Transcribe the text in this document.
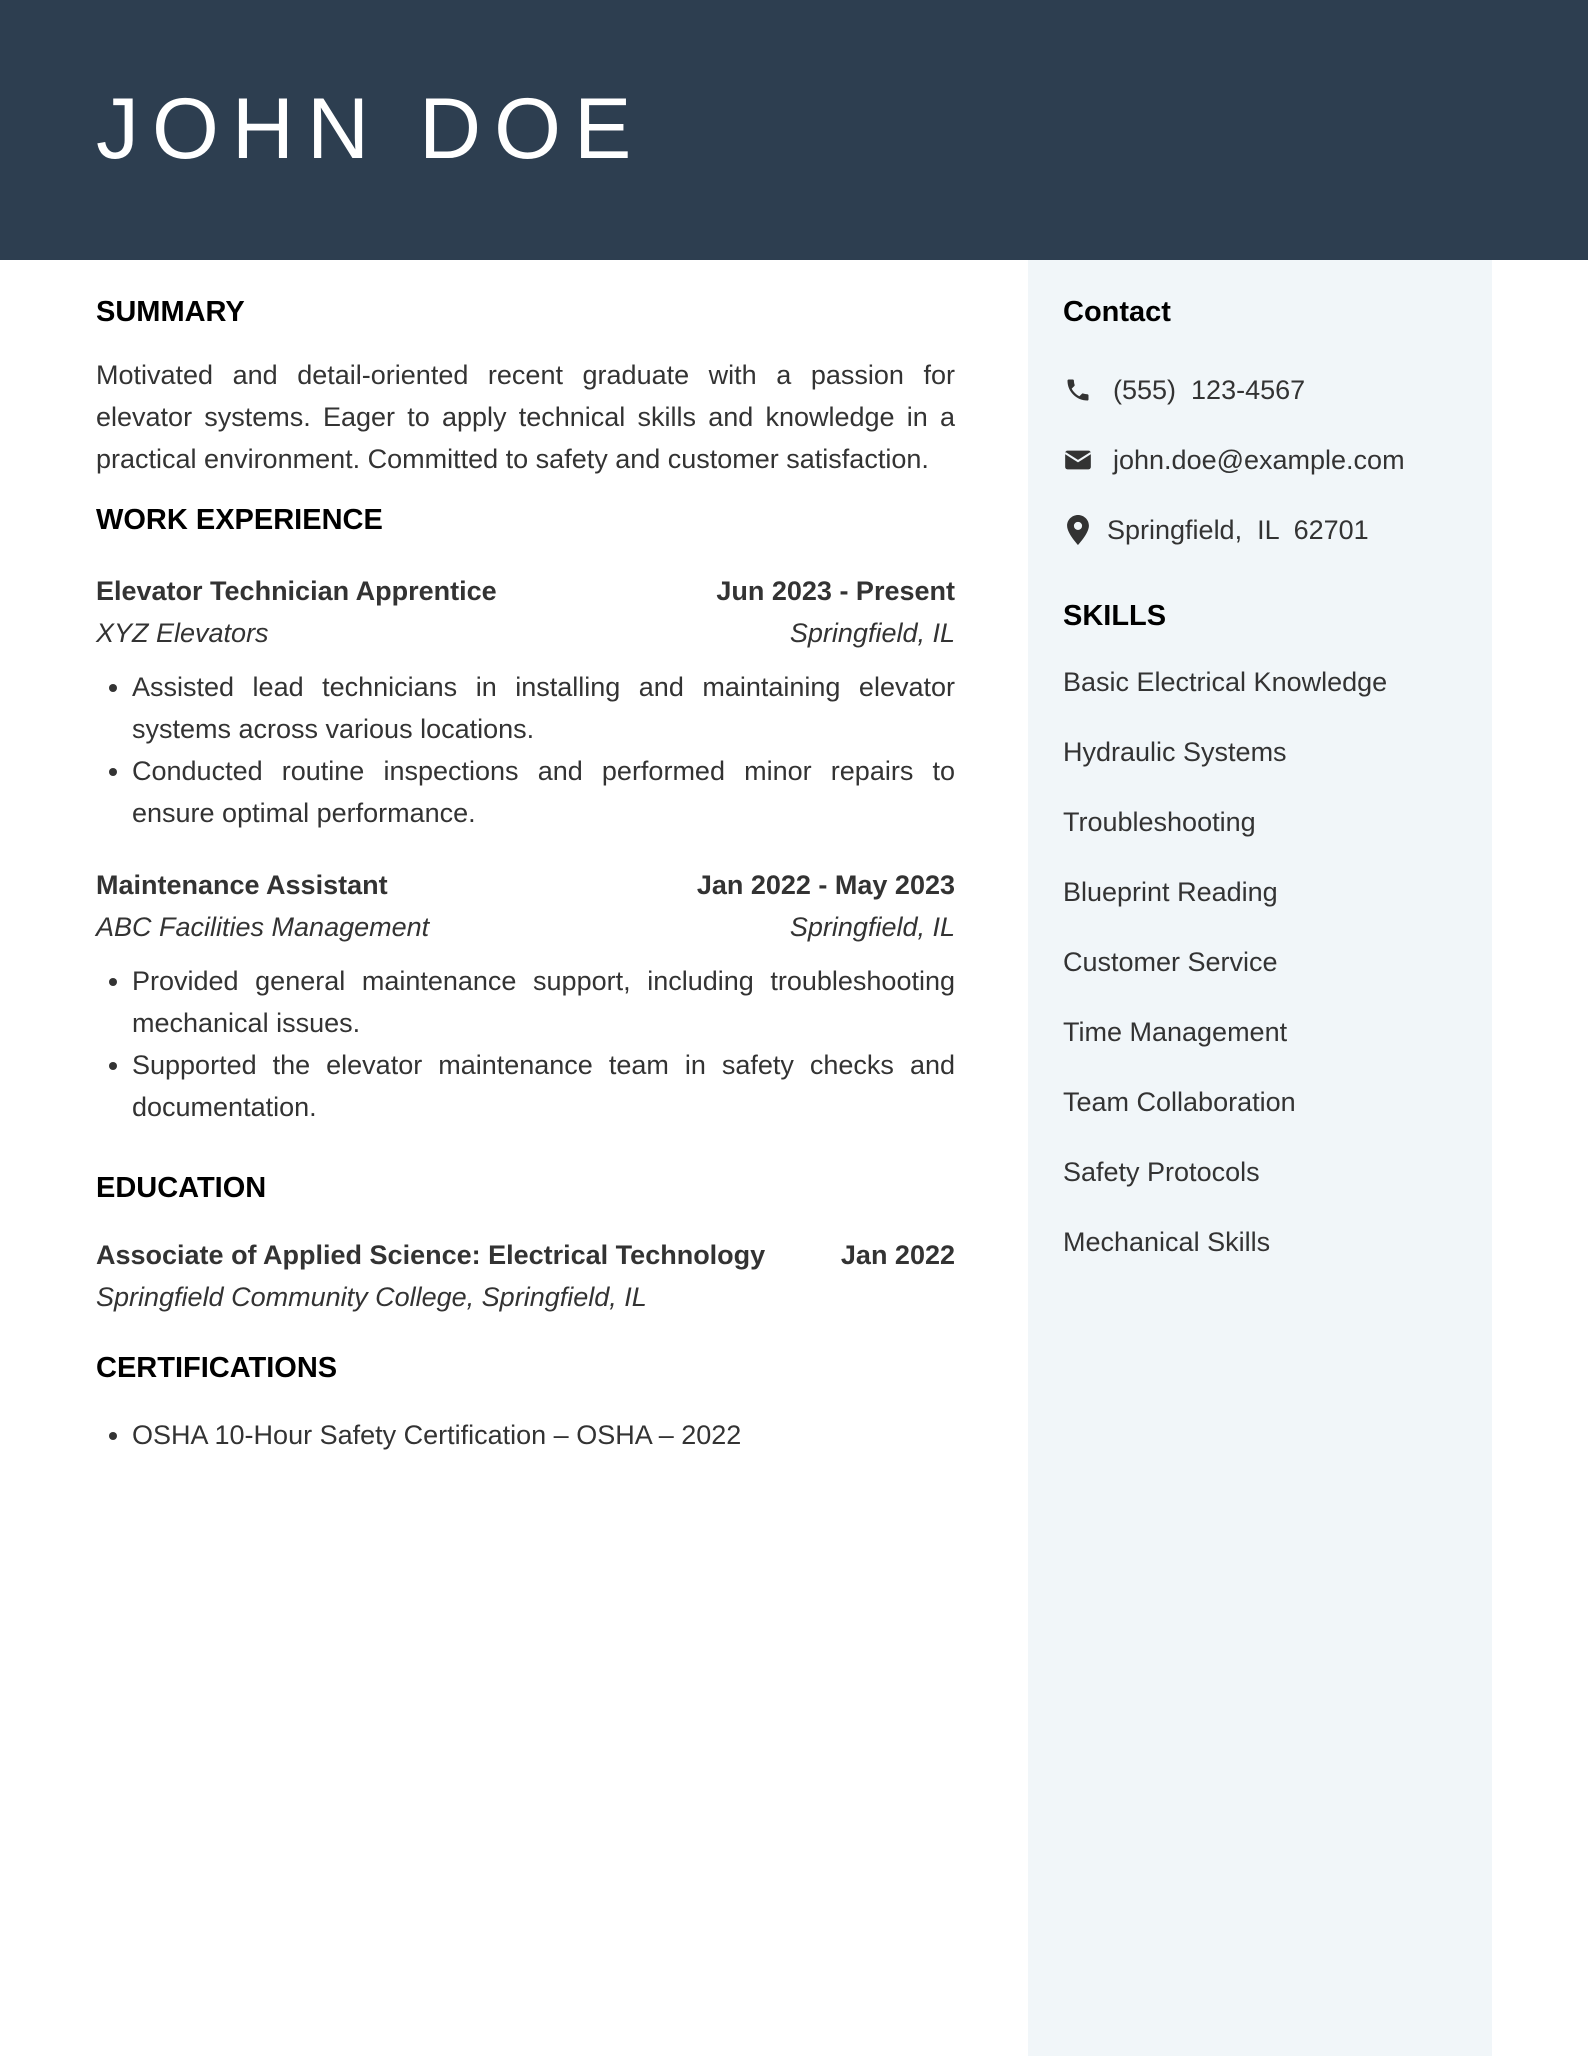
JOHN DOE
SUMMARY

Motivated and detail-oriented recent graduate with a passion for elevator systems. Eager to apply technical skills and knowledge in a practical environment. Committed to safety and customer satisfaction.

WORK EXPERIENCE
Elevator Technician Apprentice	Jun 2023 - Present
XYZ Elevators	Springfield, IL
• Assisted lead technicians in installing and maintaining elevator systems across various locations.
• Conducted routine inspections and performed minor repairs to ensure optimal performance.
Maintenance Assistant	Jan 2022 - May 2023
ABC Facilities Management	Springfield, IL
• Provided general maintenance support, including troubleshooting mechanical issues.
• Supported the elevator maintenance team in safety checks and documentation.
EDUCATION
Associate of Applied Science: Electrical Technology	Jan 2022
Springfield Community College, Springfield, IL
CERTIFICATIONS
• OSHA 10-Hour Safety Certification – OSHA – 2022
Contact
(555)  123-4567
john.doe@example.com
Springfield,  IL  62701
SKILLS
Basic Electrical Knowledge
Hydraulic Systems
Troubleshooting
Blueprint Reading
Customer Service
Time Management
Team Collaboration
Safety Protocols
Mechanical Skills
